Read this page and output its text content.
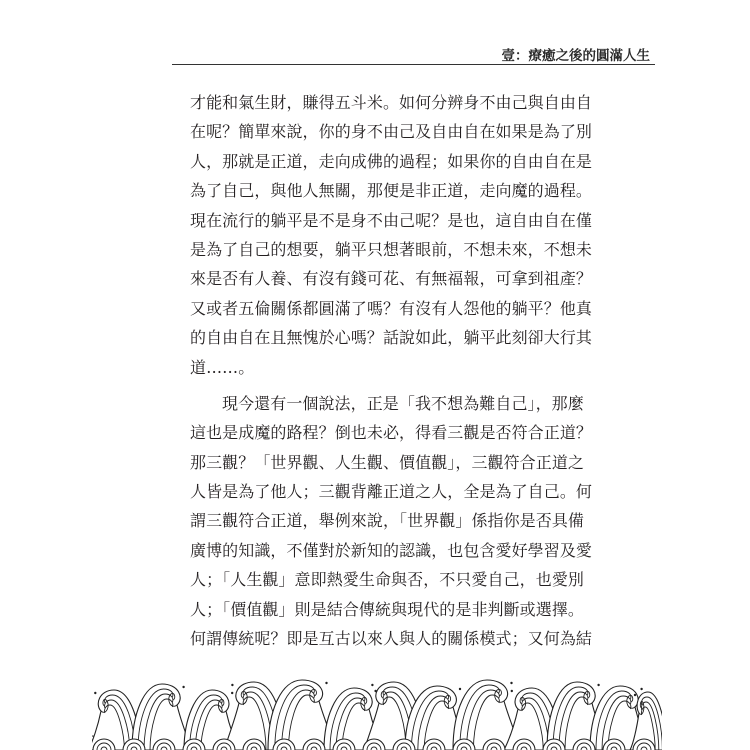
壹：療癒之後的圓滿人生
才能和氣生財，賺得五斗米。如何分辨身不由己與自由自
在呢？簡單來說，你的身不由己及自由自在如果是為了別
人，那就是正道，走向成佛的過程；如果你的自由自在是
為了自己，與他人無關，那便是非正道，走向魔的過程。
現在流行的躺平是不是身不由己呢？是也，這自由自在僅
是為了自己的想要，躺平只想著眼前，不想未來，不想未
來是否有人養、有沒有錢可花、有無福報，可拿到祖產？
又或者五倫關係都圓滿了嗎？有沒有人怨他的躺平？他真
的自由自在且無愧於心嗎？話說如此，躺平此刻卻大行其
道……。
現今還有一個說法，正是「我不想為難自己」，那麼
這也是成魔的路程？倒也未必，得看三觀是否符合正道？
那三觀？「世界觀、人生觀、價值觀」，三觀符合正道之
人皆是為了他人；三觀背離正道之人，全是為了自己。何
謂三觀符合正道，舉例來說，「世界觀」係指你是否具備
廣博的知識，不僅對於新知的認識，也包含愛好學習及愛
人；「人生觀」意即熱愛生命與否，不只愛自己，也愛別
人；「價值觀」則是結合傳統與現代的是非判斷或選擇。
何謂傳統呢？即是互古以來人與人的關係模式；又何為結
